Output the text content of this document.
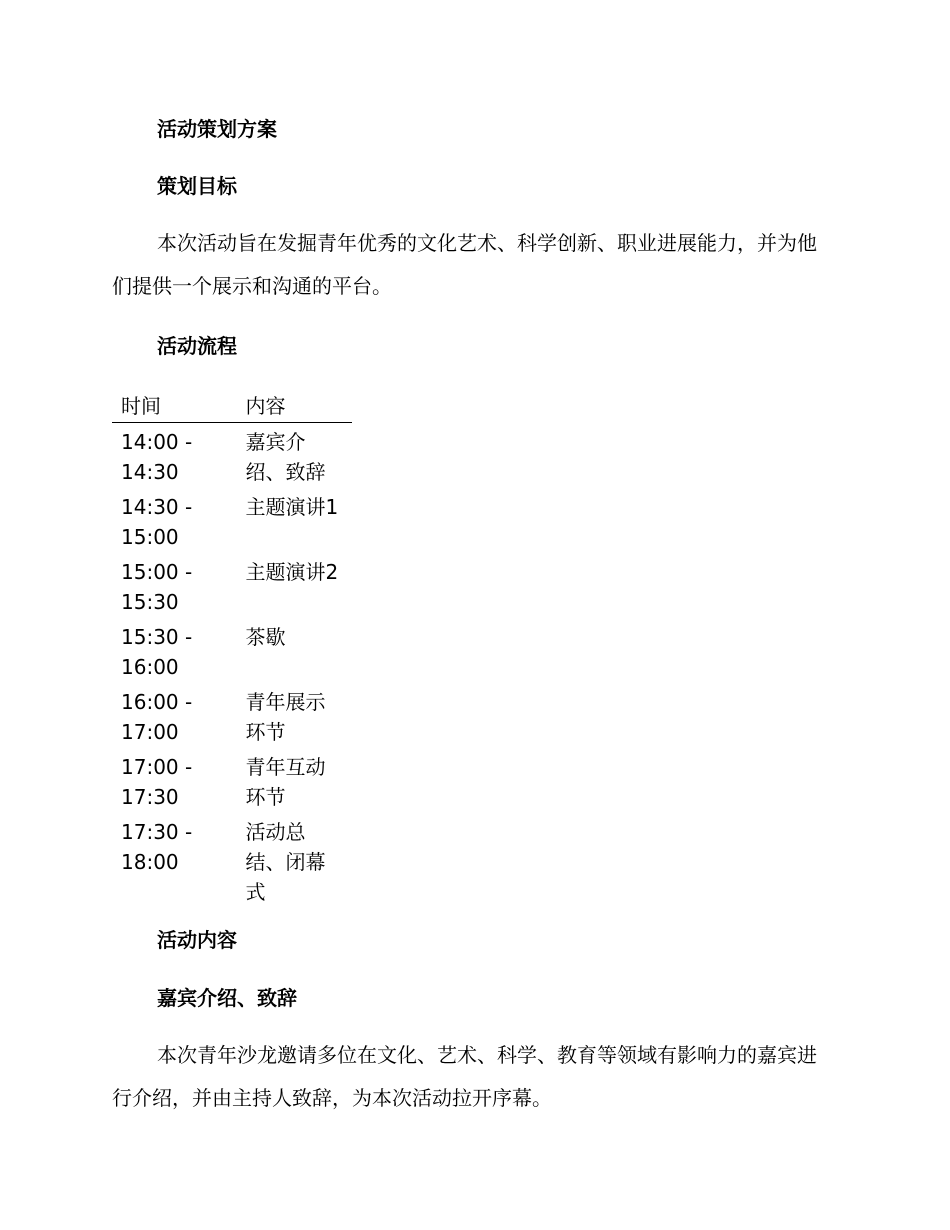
活动策划方案
策划目标

本次活动旨在发掘青年优秀的文化艺术、科学创新、职业进展能力，并为他们提供一个展示和沟通的平台。

活动流程
时间	内容
14:00 - 14:30	嘉宾介绍、致辞
14:30 - 15:00	主题演讲1
15:00 - 15:30	主题演讲2
15:30 - 16:00	茶歇
16:00 - 17:00	青年展示环节
17:00 - 17:30	青年互动环节
17:30 - 18:00	活动总结、闭幕式
活动内容
嘉宾介绍、致辞

本次青年沙龙邀请多位在文化、艺术、科学、教育等领域有影响力的嘉宾进行介绍，并由主持人致辞，为本次活动拉开序幕。
